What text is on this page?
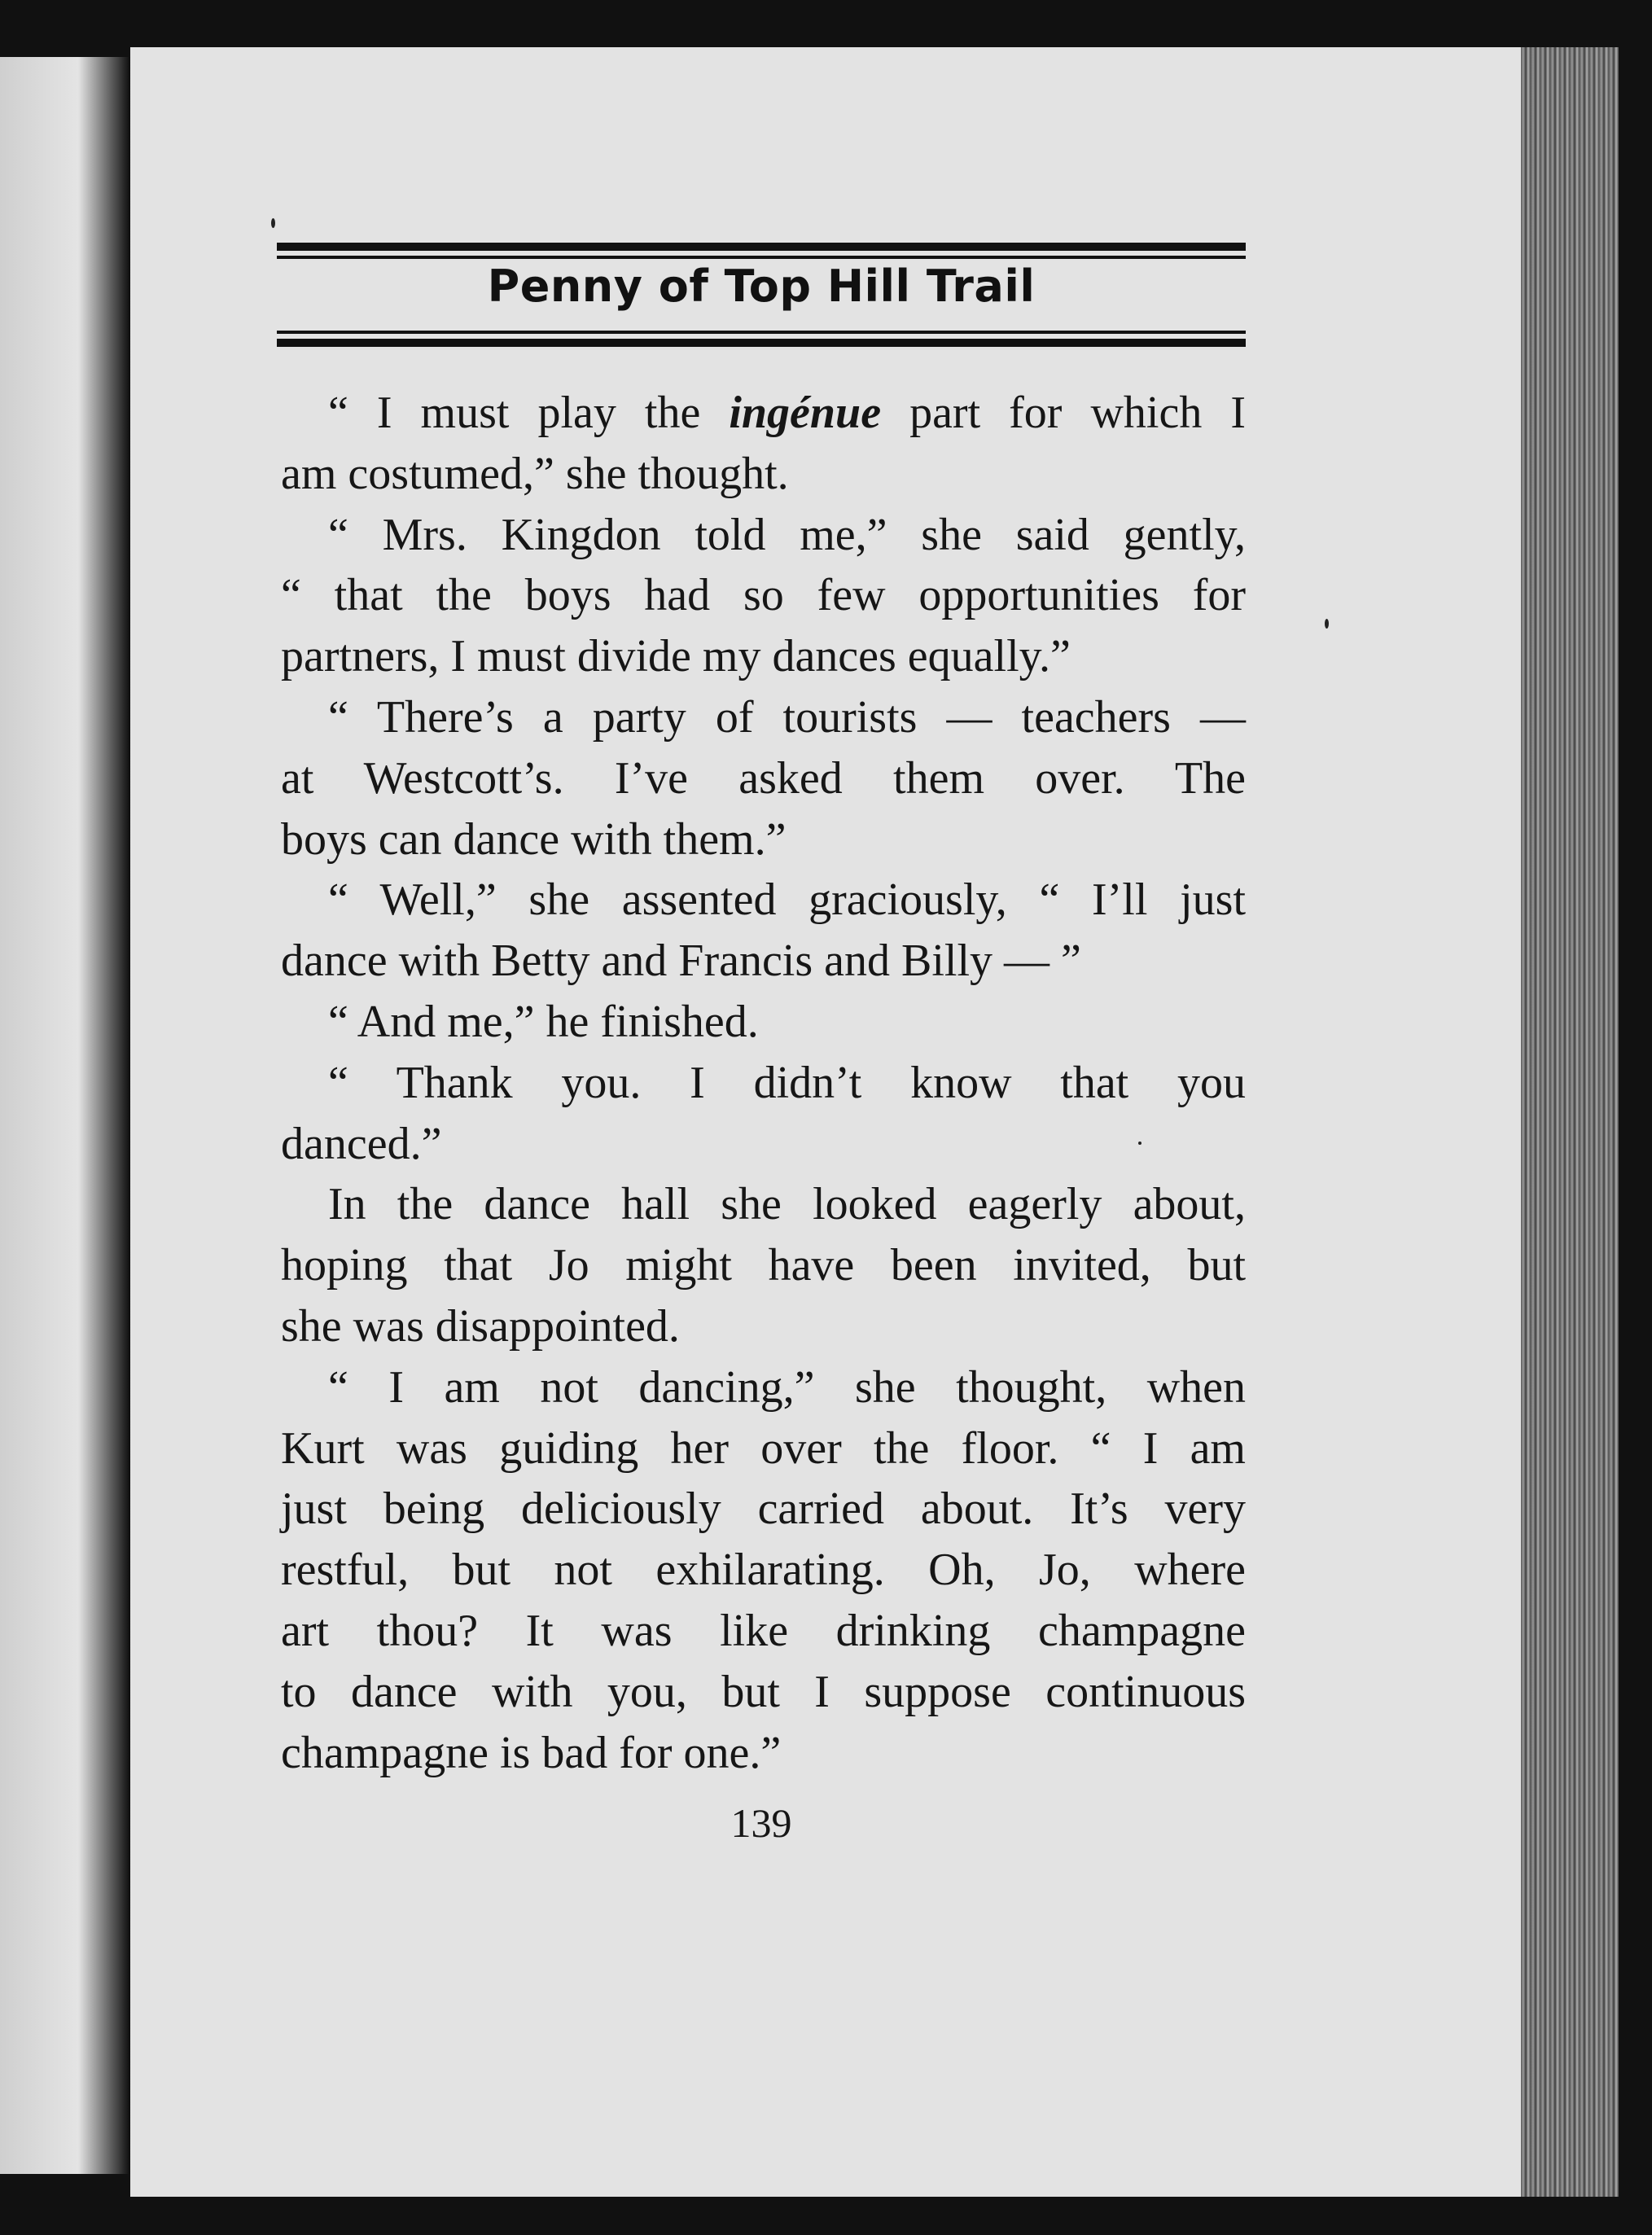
Penny of Top Hill Trail
“ I must play the ingénue part for which I
am costumed,” she thought.
“ Mrs. Kingdon told me,” she said gently,
“ that the boys had so few opportunities for
partners, I must divide my dances equally.”
“ There’s a party of tourists — teachers —
at Westcott’s. I’ve asked them over. The
boys can dance with them.”
“ Well,” she assented graciously, “ I’ll just
dance with Betty and Francis and Billy — ”
“ And me,” he finished.
“ Thank you. I didn’t know that you
danced.”
In the dance hall she looked eagerly about,
hoping that Jo might have been invited, but
she was disappointed.
“ I am not dancing,” she thought, when
Kurt was guiding her over the floor. “ I am
just being deliciously carried about. It’s very
restful, but not exhilarating. Oh, Jo, where
art thou? It was like drinking champagne
to dance with you, but I suppose continuous
champagne is bad for one.”
139
